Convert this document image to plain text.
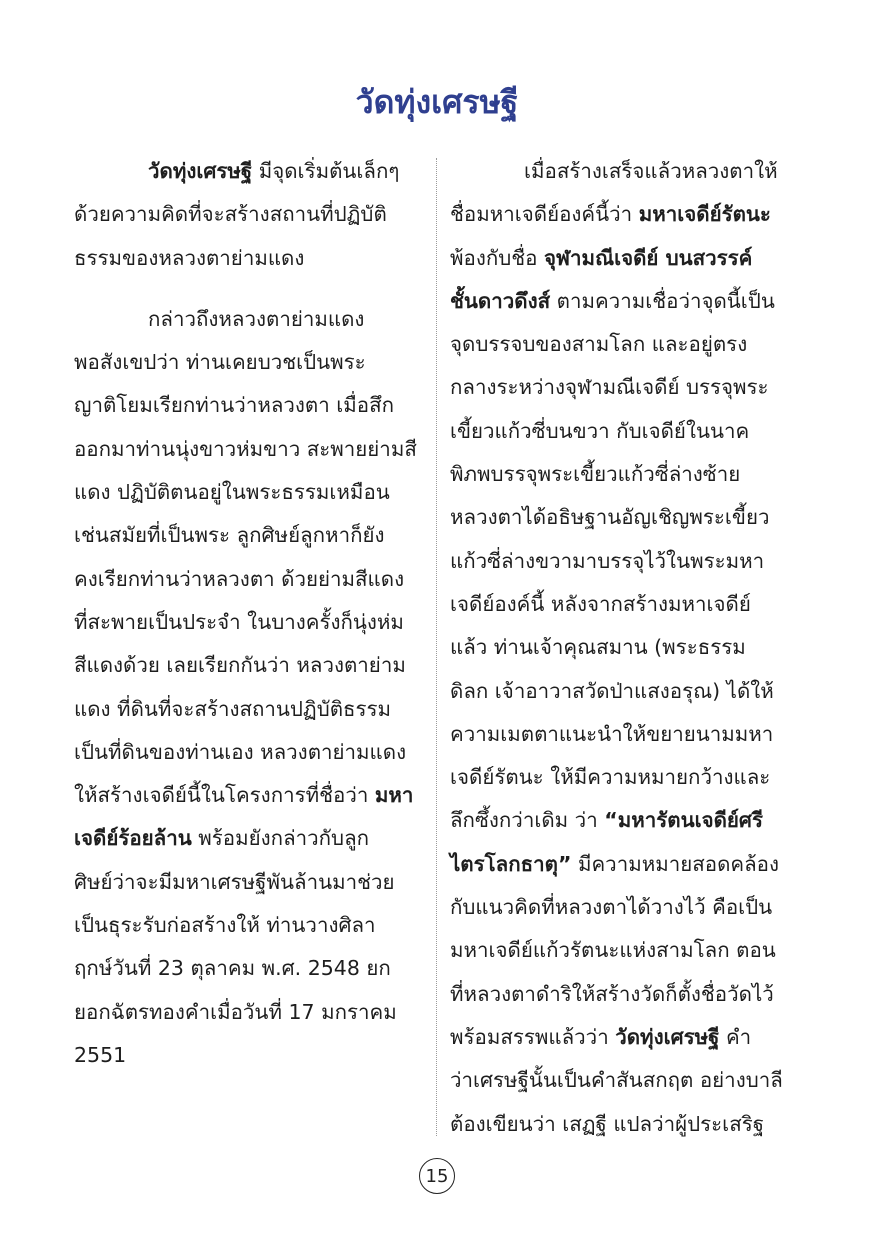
วัดทุ่งเศรษฐี
วัดทุ่งเศรษฐี มีจุดเริ่มต้นเล็กๆ
ด้วยความคิดที่จะสร้างสถานที่ปฏิบัติ
ธรรมของหลวงตาย่ามแดง
กล่าวถึงหลวงตาย่ามแดง
พอสังเขปว่า ท่านเคยบวชเป็นพระ
ญาติโยมเรียกท่านว่าหลวงตา เมื่อสึก
ออกมาท่านนุ่งขาวห่มขาว สะพายย่ามสี
แดง ปฏิบัติตนอยู่ในพระธรรมเหมือน
เช่นสมัยที่เป็นพระ ลูกศิษย์ลูกหาก็ยัง
คงเรียกท่านว่าหลวงตา ด้วยย่ามสีแดง
ที่สะพายเป็นประจำ ในบางครั้งก็นุ่งห่ม
สีแดงด้วย เลยเรียกกันว่า หลวงตาย่าม
แดง ที่ดินที่จะสร้างสถานปฏิบัติธรรม
เป็นที่ดินของท่านเอง หลวงตาย่ามแดง
ให้สร้างเจดีย์นี้ในโครงการที่ชื่อว่า มหา
เจดีย์ร้อยล้าน พร้อมยังกล่าวกับลูก
ศิษย์ว่าจะมีมหาเศรษฐีพันล้านมาช่วย
เป็นธุระรับก่อสร้างให้ ท่านวางศิลา
ฤกษ์วันที่ 23 ตุลาคม พ.ศ. 2548 ยก
ยอกฉัตรทองคำเมื่อวันที่ 17 มกราคม
2551
เมื่อสร้างเสร็จแล้วหลวงตาให้
ชื่อมหาเจดีย์องค์นี้ว่า มหาเจดีย์รัตนะ
พ้องกับชื่อ จุฬามณีเจดีย์ บนสวรรค์
ชั้นดาวดึงส์ ตามความเชื่อว่าจุดนี้เป็น
จุดบรรจบของสามโลก และอยู่ตรง
กลางระหว่างจุฬามณีเจดีย์ บรรจุพระ
เขี้ยวแก้วซี่บนขวา กับเจดีย์ในนาค
พิภพบรรจุพระเขี้ยวแก้วซี่ล่างซ้าย
หลวงตาได้อธิษฐานอัญเชิญพระเขี้ยว
แก้วซี่ล่างขวามาบรรจุไว้ในพระมหา
เจดีย์องค์นี้ หลังจากสร้างมหาเจดีย์
แล้ว ท่านเจ้าคุณสมาน (พระธรรม
ดิลก เจ้าอาวาสวัดป่าแสงอรุณ) ได้ให้
ความเมตตาแนะนำให้ขยายนามมหา
เจดีย์รัตนะ ให้มีความหมายกว้างและ
ลึกซึ้งกว่าเดิม ว่า “มหารัตนเจดีย์ศรี
ไตรโลกธาตุ” มีความหมายสอดคล้อง
กับแนวคิดที่หลวงตาได้วางไว้ คือเป็น
มหาเจดีย์แก้วรัตนะแห่งสามโลก ตอน
ที่หลวงตาดำริให้สร้างวัดก็ตั้งชื่อวัดไว้
พร้อมสรรพแล้วว่า วัดทุ่งเศรษฐี คำ
ว่าเศรษฐีนั้นเป็นคำสันสกฤต อย่างบาลี
ต้องเขียนว่า เสฏฐี แปลว่าผู้ประเสริฐ
15
